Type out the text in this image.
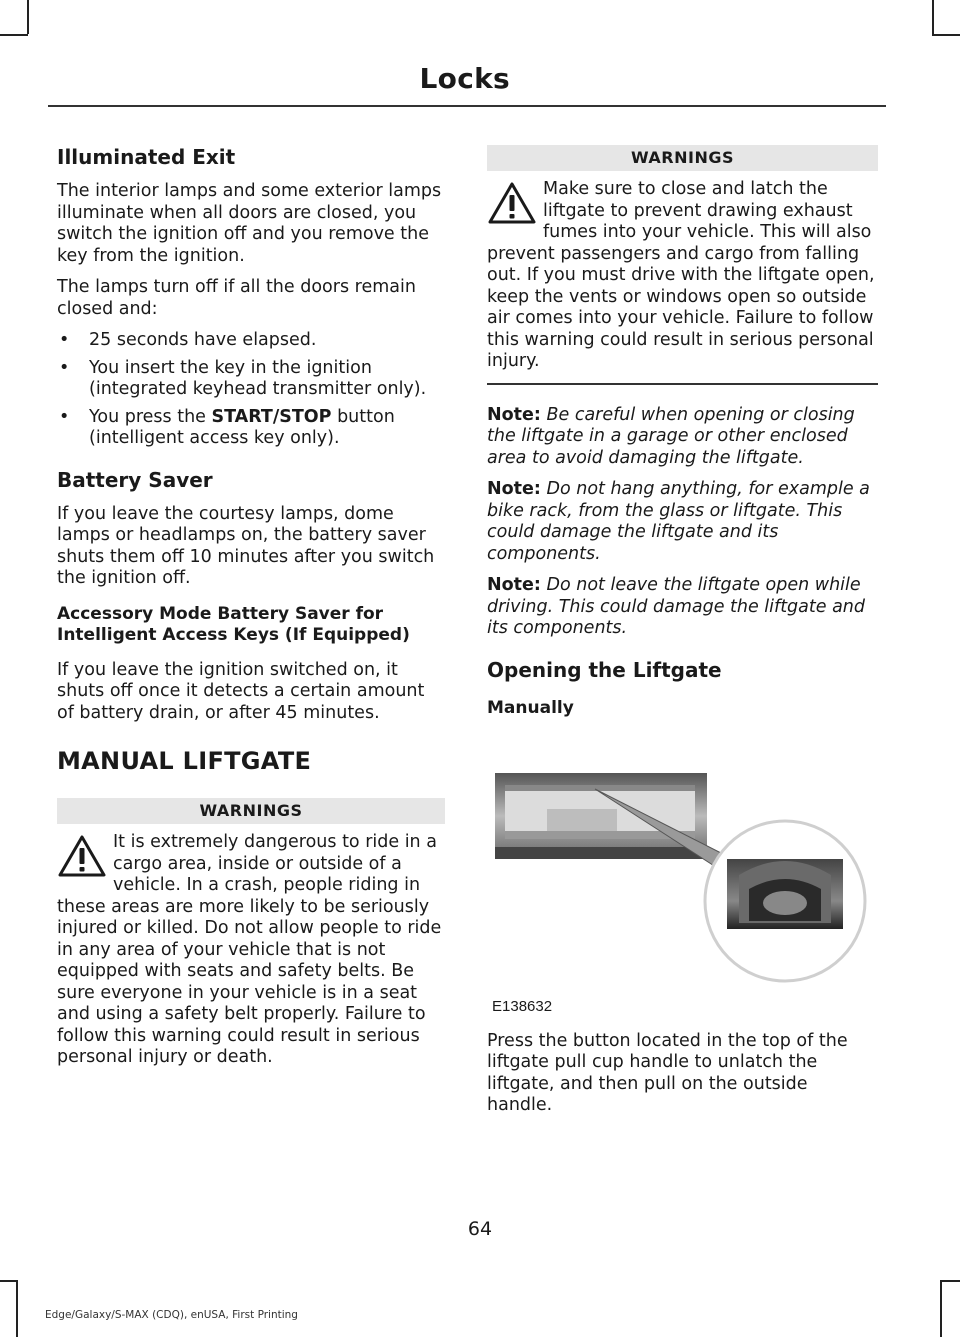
Locks
Illuminated Exit

The interior lamps and some exterior lamps illuminate when all doors are closed, you switch the ignition off and you remove the key from the ignition.

The lamps turn off if all the doors remain closed and:

• 25 seconds have elapsed.
• You insert the key in the ignition (integrated keyhead transmitter only).
• You press the START/STOP button (intelligent access key only).
Battery Saver

If you leave the courtesy lamps, dome lamps or headlamps on, the battery saver shuts them off 10 minutes after you switch the ignition off.

Accessory Mode Battery Saver for Intelligent Access Keys (If Equipped)

If you leave the ignition switched on, it shuts off once it detects a certain amount of battery drain, or after 45 minutes.

MANUAL LIFTGATE
WARNINGS
It is extremely dangerous to ride in a cargo area, inside or outside of a vehicle. In a crash, people riding in these areas are more likely to be seriously injured or killed. Do not allow people to ride in any area of your vehicle that is not equipped with seats and safety belts. Be sure everyone in your vehicle is in a seat and using a safety belt properly. Failure to follow this warning could result in serious personal injury or death.
WARNINGS
Make sure to close and latch the liftgate to prevent drawing exhaust fumes into your vehicle. This will also prevent passengers and cargo from falling out. If you must drive with the liftgate open, keep the vents or windows open so outside air comes into your vehicle. Failure to follow this warning could result in serious personal injury.
Note: Be careful when opening or closing the liftgate in a garage or other enclosed area to avoid damaging the liftgate.
Note: Do not hang anything, for example a bike rack, from the glass or liftgate. This could damage the liftgate and its components.
Note: Do not leave the liftgate open while driving. This could damage the liftgate and its components.
Opening the Liftgate
Manually
E138632

Press the button located in the top of the liftgate pull cup handle to unlatch the liftgate, and then pull on the outside handle.

64
Edge/Galaxy/S-MAX (CDQ), enUSA, First Printing
